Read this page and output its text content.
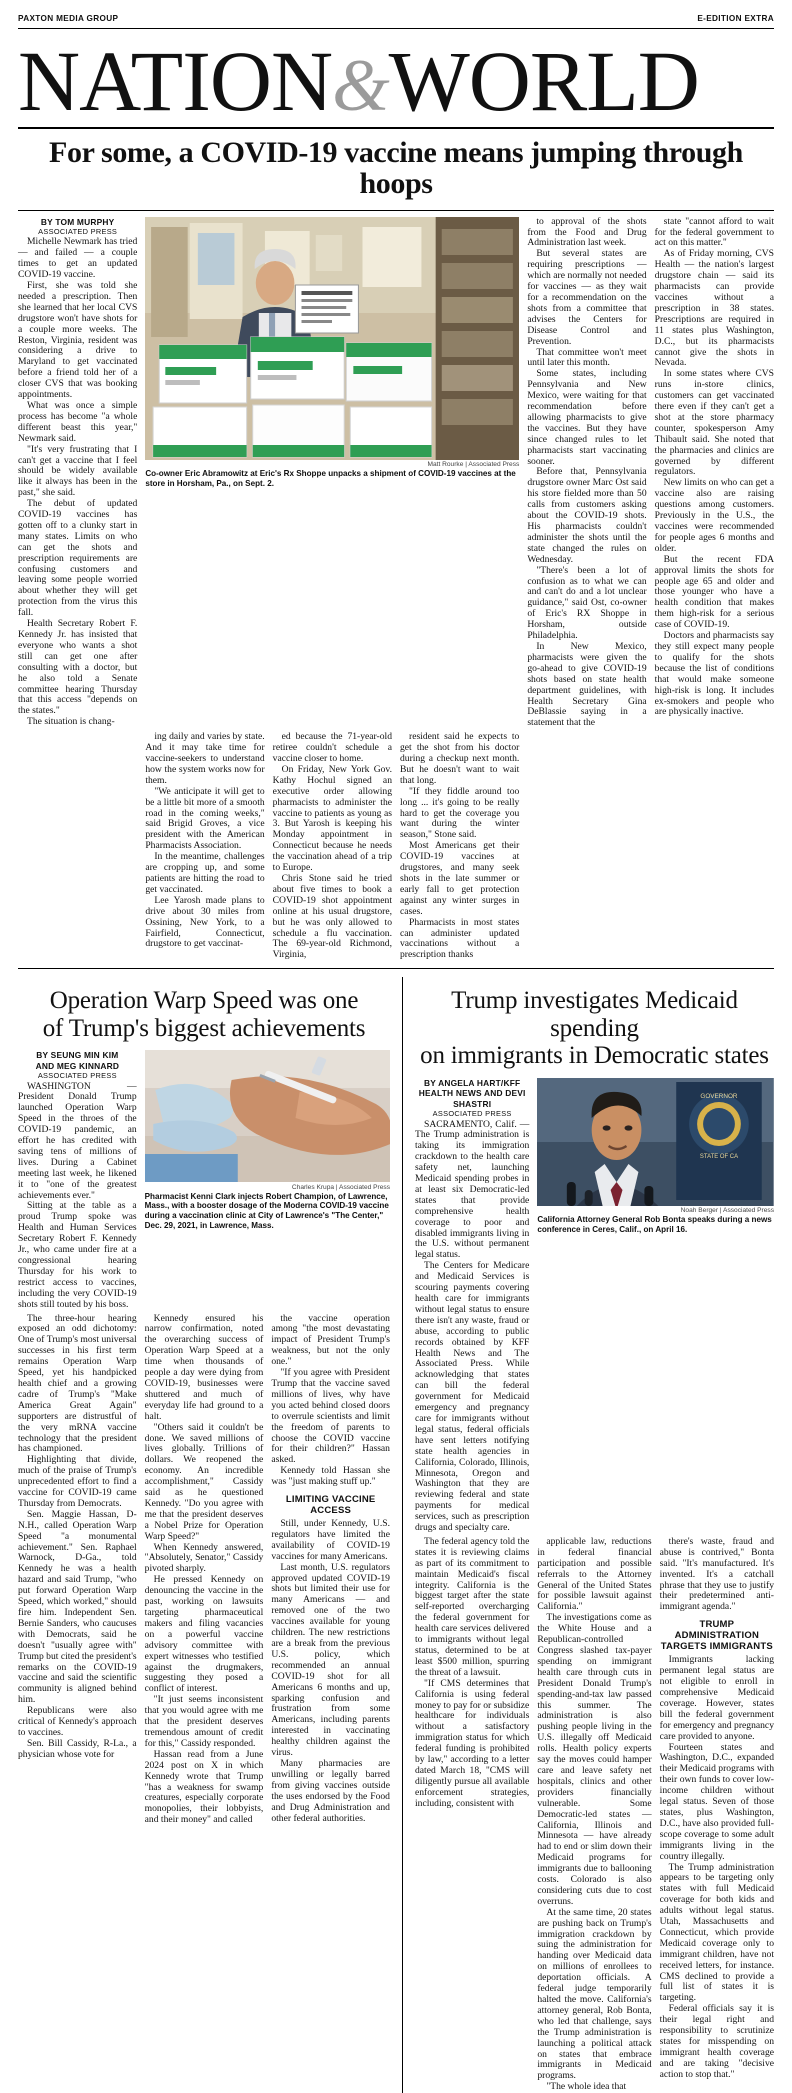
PAXTON MEDIA GROUP	E-EDITION EXTRA
NATION&WORLD
For some, a COVID-19 vaccine means jumping through hoops
BY TOM MURPHY
ASSOCIATED PRESS

Michelle Newmark has tried — and failed — a couple times to get an updated COVID-19 vaccine.

First, she was told she needed a prescription. Then she learned that her local CVS drugstore won't have shots for a couple more weeks. The Reston, Virginia, resident was considering a drive to Maryland to get vaccinated before a friend told her of a closer CVS that was booking appointments.

What was once a simple process has become "a whole different beast this year," Newmark said.

"It's very frustrating that I can't get a vaccine that I feel should be widely available like it always has been in the past," she said.

The debut of updated COVID-19 vaccines has gotten off to a clunky start in many states. Limits on who can get the shots and prescription requirements are confusing customers and leaving some people worried about whether they will get protection from the virus this fall.

Health Secretary Robert F. Kennedy Jr. has insisted that everyone who wants a shot still can get one after consulting with a doctor, but he also told a Senate committee hearing Thursday that this access "depends on the states."

The situation is chang-

Matt Rourke | Associated Press
Co-owner Eric Abramowitz at Eric's Rx Shoppe unpacks a shipment of COVID-19 vaccines at the store in Horsham, Pa., on Sept. 2.

to approval of the shots from the Food and Drug Administration last week.

But several states are requiring prescriptions — which are normally not needed for vaccines — as they wait for a recommendation on the shots from a committee that advises the Centers for Disease Control and Prevention.

That committee won't meet until later this month.

Some states, including Pennsylvania and New Mexico, were waiting for that recommendation before allowing pharmacists to give the vaccines. But they have since changed rules to let pharmacists start vaccinating sooner.

Before that, Pennsylvania drugstore owner Marc Ost said his store fielded more than 50 calls from customers asking about the COVID-19 shots. His pharmacists couldn't administer the shots until the state changed the rules on Wednesday.

"There's been a lot of confusion as to what we can and can't do and a lot unclear guidance," said Ost, co-owner of Eric's RX Shoppe in Horsham, outside Philadelphia.

In New Mexico, pharmacists were given the go-ahead to give COVID-19 shots based on state health department guidelines, with Health Secretary Gina DeBlassie saying in a statement that the

state "cannot afford to wait for the federal government to act on this matter."

As of Friday morning, CVS Health — the nation's largest drugstore chain — said its pharmacists can provide vaccines without a prescription in 38 states. Prescriptions are required in 11 states plus Washington, D.C., but its pharmacists cannot give the shots in Nevada.

In some states where CVS runs in-store clinics, customers can get vaccinated there even if they can't get a shot at the store pharmacy counter, spokesperson Amy Thibault said. She noted that the pharmacies and clinics are governed by different regulators.

New limits on who can get a vaccine also are raising questions among customers. Previously in the U.S., the vaccines were recommended for people ages 6 months and older.

But the recent FDA approval limits the shots for people age 65 and older and those younger who have a health condition that makes them high-risk for a serious case of COVID-19.

Doctors and pharmacists say they still expect many people to qualify for the shots because the list of conditions that would make someone high-risk is long. It includes ex-smokers and people who are physically inactive.

ing daily and varies by state. And it may take time for vaccine-seekers to understand how the system works now for them.

"We anticipate it will get to be a little bit more of a smooth road in the coming weeks," said Brigid Groves, a vice president with the American Pharmacists Association.

In the meantime, challenges are cropping up, and some patients are hitting the road to get vaccinated.

Lee Yarosh made plans to drive about 30 miles from Ossining, New York, to a Fairfield, Connecticut, drugstore to get vaccinat-

ed because the 71-year-old retiree couldn't schedule a vaccine closer to home.

On Friday, New York Gov. Kathy Hochul signed an executive order allowing pharmacists to administer the vaccine to patients as young as 3. But Yarosh is keeping his Monday appointment in Connecticut because he needs the vaccination ahead of a trip to Europe.

Chris Stone said he tried about five times to book a COVID-19 shot appointment online at his usual drugstore, but he was only allowed to schedule a flu vaccination. The 69-year-old Richmond, Virginia,

resident said he expects to get the shot from his doctor during a checkup next month. But he doesn't want to wait that long.

"If they fiddle around too long ... it's going to be really hard to get the coverage you want during the winter season," Stone said.

Most Americans get their COVID-19 vaccines at drugstores, and many seek shots in the late summer or early fall to get protection against any winter surges in cases.

Pharmacists in most states can administer updated vaccinations without a prescription thanks

Operation Warp Speed was one
of Trump's biggest achievements
BY SEUNG MIN KIM
AND MEG KINNARD
ASSOCIATED PRESS

WASHINGTON — President Donald Trump launched Operation Warp Speed in the throes of the COVID-19 pandemic, an effort he has credited with saving tens of millions of lives. During a Cabinet meeting last week, he likened it to "one of the greatest achievements ever."

Sitting at the table as a proud Trump spoke was Health and Human Services Secretary Robert F. Kennedy Jr., who came under fire at a congressional hearing Thursday for his work to restrict access to vaccines, including the very COVID-19 shots still touted by his boss.

Charles Krupa | Associated Press
Pharmacist Kenni Clark injects Robert Champion, of Lawrence, Mass., with a booster dosage of the Moderna COVID-19 vaccine during a vaccination clinic at City of Lawrence's "The Center," Dec. 29, 2021, in Lawrence, Mass.

The three-hour hearing exposed an odd dichotomy: One of Trump's most universal successes in his first term remains Operation Warp Speed, yet his handpicked health chief and a growing cadre of Trump's "Make America Great Again" supporters are distrustful of the very mRNA vaccine technology that the president has championed.

Highlighting that divide, much of the praise of Trump's unprecedented effort to find a vaccine for COVID-19 came Thursday from Democrats.

Sen. Maggie Hassan, D-N.H., called Operation Warp Speed "a monumental achievement." Sen. Raphael Warnock, D-Ga., told Kennedy he was a health hazard and said Trump, "who put forward Operation Warp Speed, which worked," should fire him. Independent Sen. Bernie Sanders, who caucuses with Democrats, said he doesn't "usually agree with" Trump but cited the president's remarks on the COVID-19 vaccine and said the scientific community is aligned behind him.

Republicans were also critical of Kennedy's approach to vaccines.

Sen. Bill Cassidy, R-La., a physician whose vote for

Kennedy ensured his narrow confirmation, noted the overarching success of Operation Warp Speed at a time when thousands of people a day were dying from COVID-19, businesses were shuttered and much of everyday life had ground to a halt.

"Others said it couldn't be done. We saved millions of lives globally. Trillions of dollars. We reopened the economy. An incredible accomplishment," Cassidy said as he questioned Kennedy. "Do you agree with me that the president deserves a Nobel Prize for Operation Warp Speed?"

When Kennedy answered, "Absolutely, Senator," Cassidy pivoted sharply.

He pressed Kennedy on denouncing the vaccine in the past, working on lawsuits targeting pharmaceutical makers and filing vacancies on a powerful vaccine advisory committee with expert witnesses who testified against the drugmakers, suggesting they posed a conflict of interest.

"It just seems inconsistent that you would agree with me that the president deserves tremendous amount of credit for this," Cassidy responded.

Hassan read from a June 2024 post on X in which Kennedy wrote that Trump "has a weakness for swamp creatures, especially corporate monopolies, their lobbyists, and their money" and called

the vaccine operation among "the most devastating impact of President Trump's weakness, but not the only one."

"If you agree with President Trump that the vaccine saved millions of lives, why have you acted behind closed doors to overrule scientists and limit the freedom of parents to choose the COVID vaccine for their children?" Hassan asked.

Kennedy told Hassan she was "just making stuff up."

LIMITING VACCINE ACCESS

Still, under Kennedy, U.S. regulators have limited the availability of COVID-19 vaccines for many Americans.

Last month, U.S. regulators approved updated COVID-19 shots but limited their use for many Americans — and removed one of the two vaccines available for young children. The new restrictions are a break from the previous U.S. policy, which recommended an annual COVID-19 shot for all Americans 6 months and up, sparking confusion and frustration from some Americans, including parents interested in vaccinating healthy children against the virus.

Many pharmacies are unwilling or legally barred from giving vaccines outside the uses endorsed by the Food and Drug Administration and other federal authorities.

Trump investigates Medicaid spending
on immigrants in Democratic states
BY ANGELA HART/KFF
HEALTH NEWS AND DEVI
SHASTRI
ASSOCIATED PRESS

SACRAMENTO, Calif. — The Trump administration is taking its immigration crackdown to the health care safety net, launching Medicaid spending probes in at least six Democratic-led states that provide comprehensive health coverage to poor and disabled immigrants living in the U.S. without permanent legal status.

The Centers for Medicare and Medicaid Services is scouring payments covering health care for immigrants without legal status to ensure there isn't any waste, fraud or abuse, according to public records obtained by KFF Health News and The Associated Press. While acknowledging that states can bill the federal government for Medicaid emergency and pregnancy care for immigrants without legal status, federal officials have sent letters notifying state health agencies in California, Colorado, Illinois, Minnesota, Oregon and Washington that they are reviewing federal and state payments for medical services, such as prescription drugs and specialty care.

GOVERNOR
STATE OF CA
Noah Berger | Associated Press
California Attorney General Rob Bonta speaks during a news conference in Ceres, Calif., on April 16.

The federal agency told the states it is reviewing claims as part of its commitment to maintain Medicaid's fiscal integrity. California is the biggest target after the state self-reported overcharging the federal government for health care services delivered to immigrants without legal status, determined to be at least $500 million, spurring the threat of a lawsuit.

"If CMS determines that California is using federal money to pay for or subsidize healthcare for individuals without a satisfactory immigration status for which federal funding is prohibited by law," according to a letter dated March 18, "CMS will diligently pursue all available enforcement strategies, including, consistent with

applicable law, reductions in federal financial participation and possible referrals to the Attorney General of the United States for possible lawsuit against California."

The investigations come as the White House and a Republican-controlled Congress slashed tax-payer spending on immigrant health care through cuts in President Donald Trump's spending-and-tax law passed this summer. The administration is also pushing people living in the U.S. illegally off Medicaid rolls. Health policy experts say the moves could hamper care and leave safety net hospitals, clinics and other providers financially vulnerable. Some Democratic-led states — California, Illinois and Minnesota — have already had to end or slim down their Medicaid programs for immigrants due to ballooning costs. Colorado is also considering cuts due to cost overruns.

At the same time, 20 states are pushing back on Trump's immigration crackdown by suing the administration for handing over Medicaid data on millions of enrollees to deportation officials. A federal judge temporarily halted the move. California's attorney general, Rob Bonta, who led that challenge, says the Trump administration is launching a political attack on states that embrace immigrants in Medicaid programs.

"The whole idea that

there's waste, fraud and abuse is contrived," Bonta said. "It's manufactured. It's invented. It's a catchall phrase that they use to justify their predetermined anti-immigrant agenda."

TRUMP ADMINISTRATION TARGETS IMMIGRANTS

Immigrants lacking permanent legal status are not eligible to enroll in comprehensive Medicaid coverage. However, states bill the federal government for emergency and pregnancy care provided to anyone.

Fourteen states and Washington, D.C., expanded their Medicaid programs with their own funds to cover low-income children without legal status. Seven of those states, plus Washington, D.C., have also provided full-scope coverage to some adult immigrants living in the country illegally.

The Trump administration appears to be targeting only states with full Medicaid coverage for both kids and adults without legal status. Utah, Massachusetts and Connecticut, which provide Medicaid coverage only to immigrant children, have not received letters, for instance. CMS declined to provide a full list of states it is targeting.

Federal officials say it is their legal right and responsibility to scrutinize states for misspending on immigrant health coverage and are taking "decisive action to stop that."
